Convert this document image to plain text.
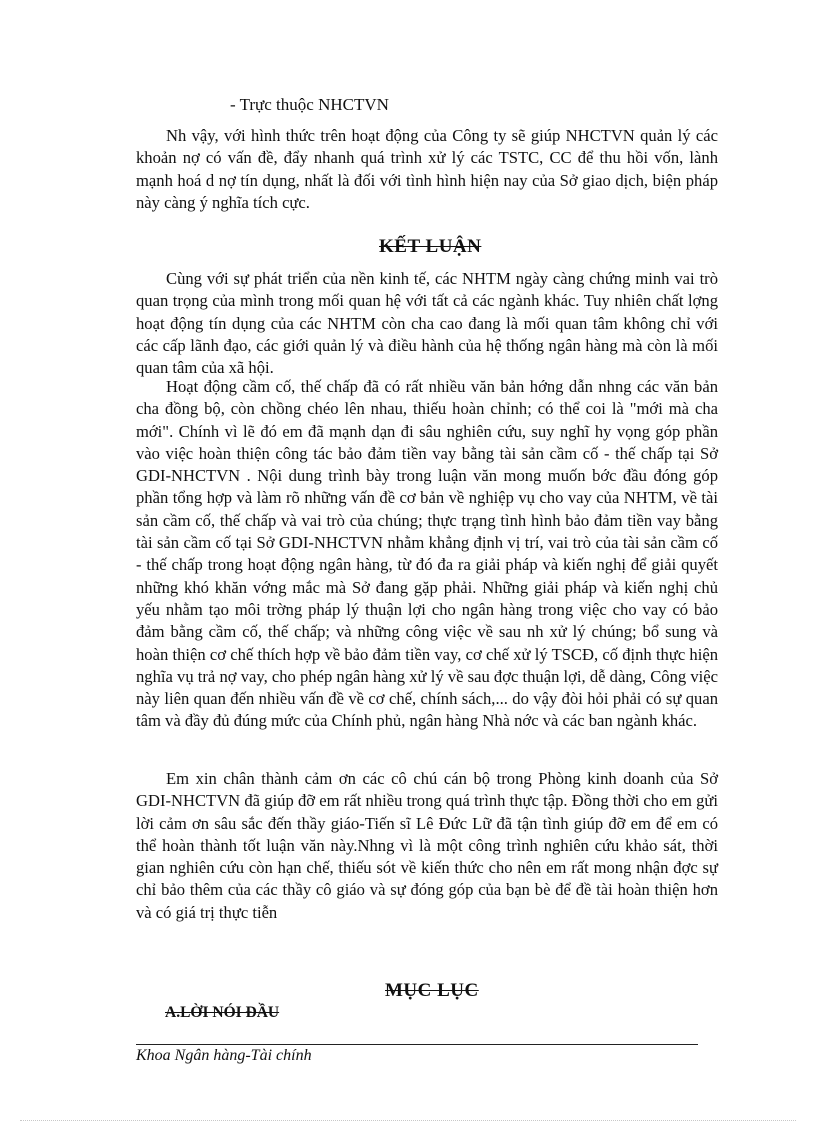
- Trực thuộc NHCTVN

Nh vậy, với hình thức trên hoạt động của Công ty sẽ giúp NHCTVN quản lý các khoản nợ có vấn đề, đẩy nhanh quá trình xử lý các TSTC, CC để thu hồi vốn, lành mạnh hoá d nợ tín dụng, nhất là đối với tình hình hiện nay của Sở giao dịch, biện pháp này càng ý nghĩa tích cực.

KẾT LUẬN

Cùng với sự phát triển của nền kinh tế, các NHTM ngày càng chứng minh vai trò quan trọng của mình trong mối quan hệ với tất cả các ngành khác. Tuy nhiên chất lợng hoạt động tín dụng của các NHTM còn cha cao đang là mối quan tâm không chỉ với các cấp lãnh đạo, các giới quản lý và điều hành của hệ thống ngân hàng mà còn là mối quan tâm của xã hội.

Hoạt động cầm cố, thế chấp đã có rất nhiều văn bản hớng dẫn nhng các văn bản cha đồng bộ, còn chồng chéo lên nhau, thiếu hoàn chỉnh; có thể coi là "mới mà cha mới". Chính vì lẽ đó em đã mạnh dạn đi sâu nghiên cứu, suy nghĩ hy vọng góp phần vào việc hoàn thiện công tác bảo đảm tiền vay bằng tài sản cầm cố - thế chấp tại Sở GDI-NHCTVN . Nội dung trình bày trong luận văn mong muốn bớc đầu đóng góp phần tổng hợp và làm rõ những vấn đề cơ bản về nghiệp vụ cho vay của NHTM, về tài sản cầm cố, thế chấp và vai trò của chúng; thực trạng tình hình bảo đảm tiền vay bằng tài sản cầm cố tại Sở GDI-NHCTVN nhằm khẳng định vị trí, vai trò của tài sản cầm cố - thế chấp trong hoạt động ngân hàng, từ đó đa ra giải pháp và kiến nghị để giải quyết những khó khăn vớng mắc mà Sở đang gặp phải. Những giải pháp và kiến nghị chủ yếu nhằm tạo môi trờng pháp lý thuận lợi cho ngân hàng trong việc cho vay có bảo đảm bằng cầm cố, thế chấp; và những công việc về sau nh xử lý chúng; bổ sung và hoàn thiện cơ chế thích hợp về bảo đảm tiền vay, cơ chế xử lý TSCĐ, cố định thực hiện nghĩa vụ trả nợ vay, cho phép ngân hàng xử lý về sau đợc thuận lợi, dễ dàng, Công việc này liên quan đến nhiều vấn đề về cơ chế, chính sách,... do vậy đòi hỏi phải có sự quan tâm và đầy đủ đúng mức của Chính phủ, ngân hàng Nhà nớc và các ban ngành khác.

Em xin chân thành cảm ơn các cô chú cán bộ trong Phòng kinh doanh của Sở GDI-NHCTVN đã giúp đỡ em rất nhiều trong quá trình thực tập. Đồng thời cho em gửi lời cảm ơn sâu sắc đến thầy giáo-Tiến sĩ Lê Đức Lữ đã tận tình giúp đỡ em để em có thể hoàn thành tốt luận văn này.Nhng vì là một công trình nghiên cứu khảo sát, thời gian nghiên cứu còn hạn chế, thiếu sót về kiến thức cho nên em rất mong nhận đợc sự chỉ bảo thêm của các thầy cô giáo và sự đóng góp của bạn bè để đề tài hoàn thiện hơn và có giá trị thực tiễn

MỤC LỤC
A.LỜI NÓI ĐẦU
Khoa Ngân hàng-Tài chính
